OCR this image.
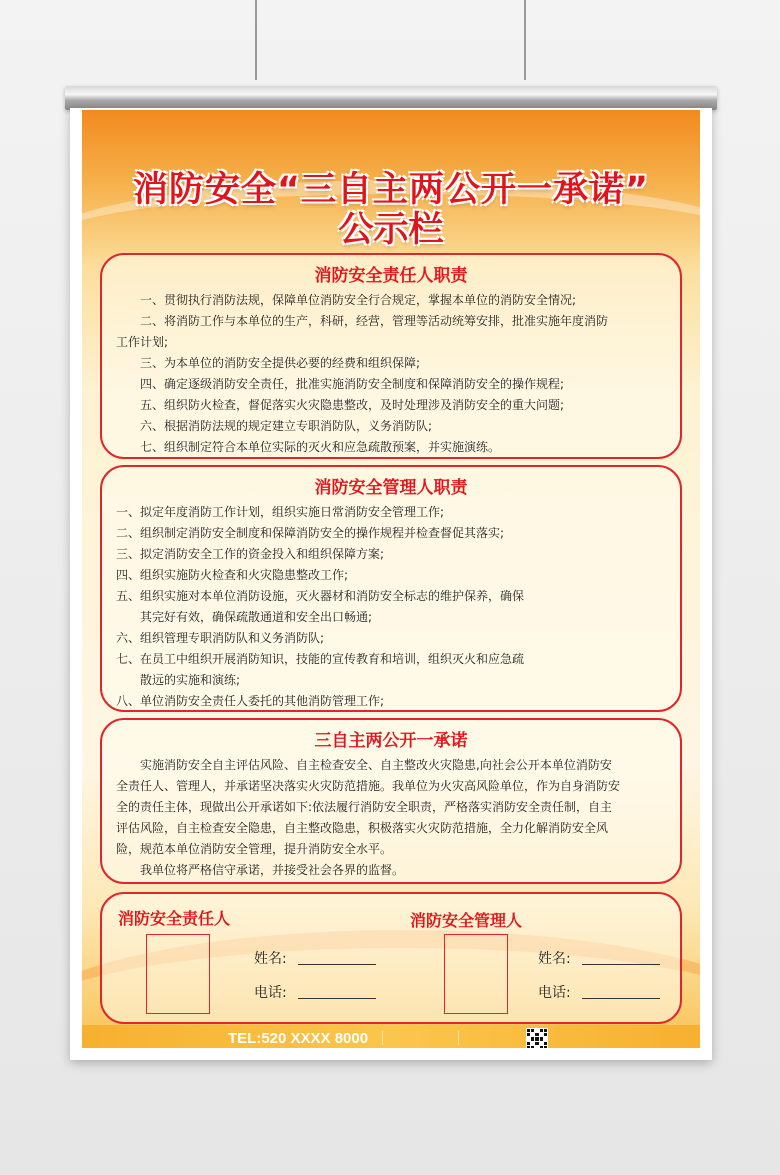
消防安全“三自主两公开一承诺”
公示栏
消防安全责任人职责
一、贯彻执行消防法规，保障单位消防安全行合规定，掌握本单位的消防安全情况;
二、将消防工作与本单位的生产，科研，经营，管理等活动统筹安排，批准实施年度消防
工作计划;
三、为本单位的消防安全提供必要的经费和组织保障;
四、确定逐级消防安全责任，批准实施消防安全制度和保障消防安全的操作规程;
五、组织防火检查，督促落实火灾隐患整改，及时处理涉及消防安全的重大问题;
六、根据消防法规的规定建立专职消防队，义务消防队;
七、组织制定符合本单位实际的灭火和应急疏散预案，并实施演练。
消防安全管理人职责
一、拟定年度消防工作计划，组织实施日常消防安全管理工作;
二、组织制定消防安全制度和保障消防安全的操作规程并检查督促其落实;
三、拟定消防安全工作的资金投入和组织保障方案;
四、组织实施防火检查和火灾隐患整改工作;
五、组织实施对本单位消防设施，灭火器材和消防安全标志的维护保养，确保
其完好有效，确保疏散通道和安全出口畅通;
六、组织管理专职消防队和义务消防队;
七、在员工中组织开展消防知识，技能的宣传教育和培训，组织灭火和应急疏
散远的实施和演练;
八、单位消防安全责任人委托的其他消防管理工作;
三自主两公开一承诺
实施消防安全自主评估风险、自主检查安全、自主整改火灾隐患,向社会公开本单位消防安
全责任人、管理人，并承诺坚决落实火灾防范措施。我单位为火灾高风险单位，作为自身消防安
全的责任主体，现做出公开承诺如下:依法履行消防安全职责，严格落实消防安全责任制，自主
评估风险，自主检查安全隐患，自主整改隐患，积极落实火灾防范措施，全力化解消防安全风
险，规范本单位消防安全管理，提升消防安全水平。
我单位将严格信守承诺，并接受社会各界的监督。
消防安全责任人
姓名:
电话:
消防安全管理人
姓名:
电话:
TEL:520 XXXX 8000
